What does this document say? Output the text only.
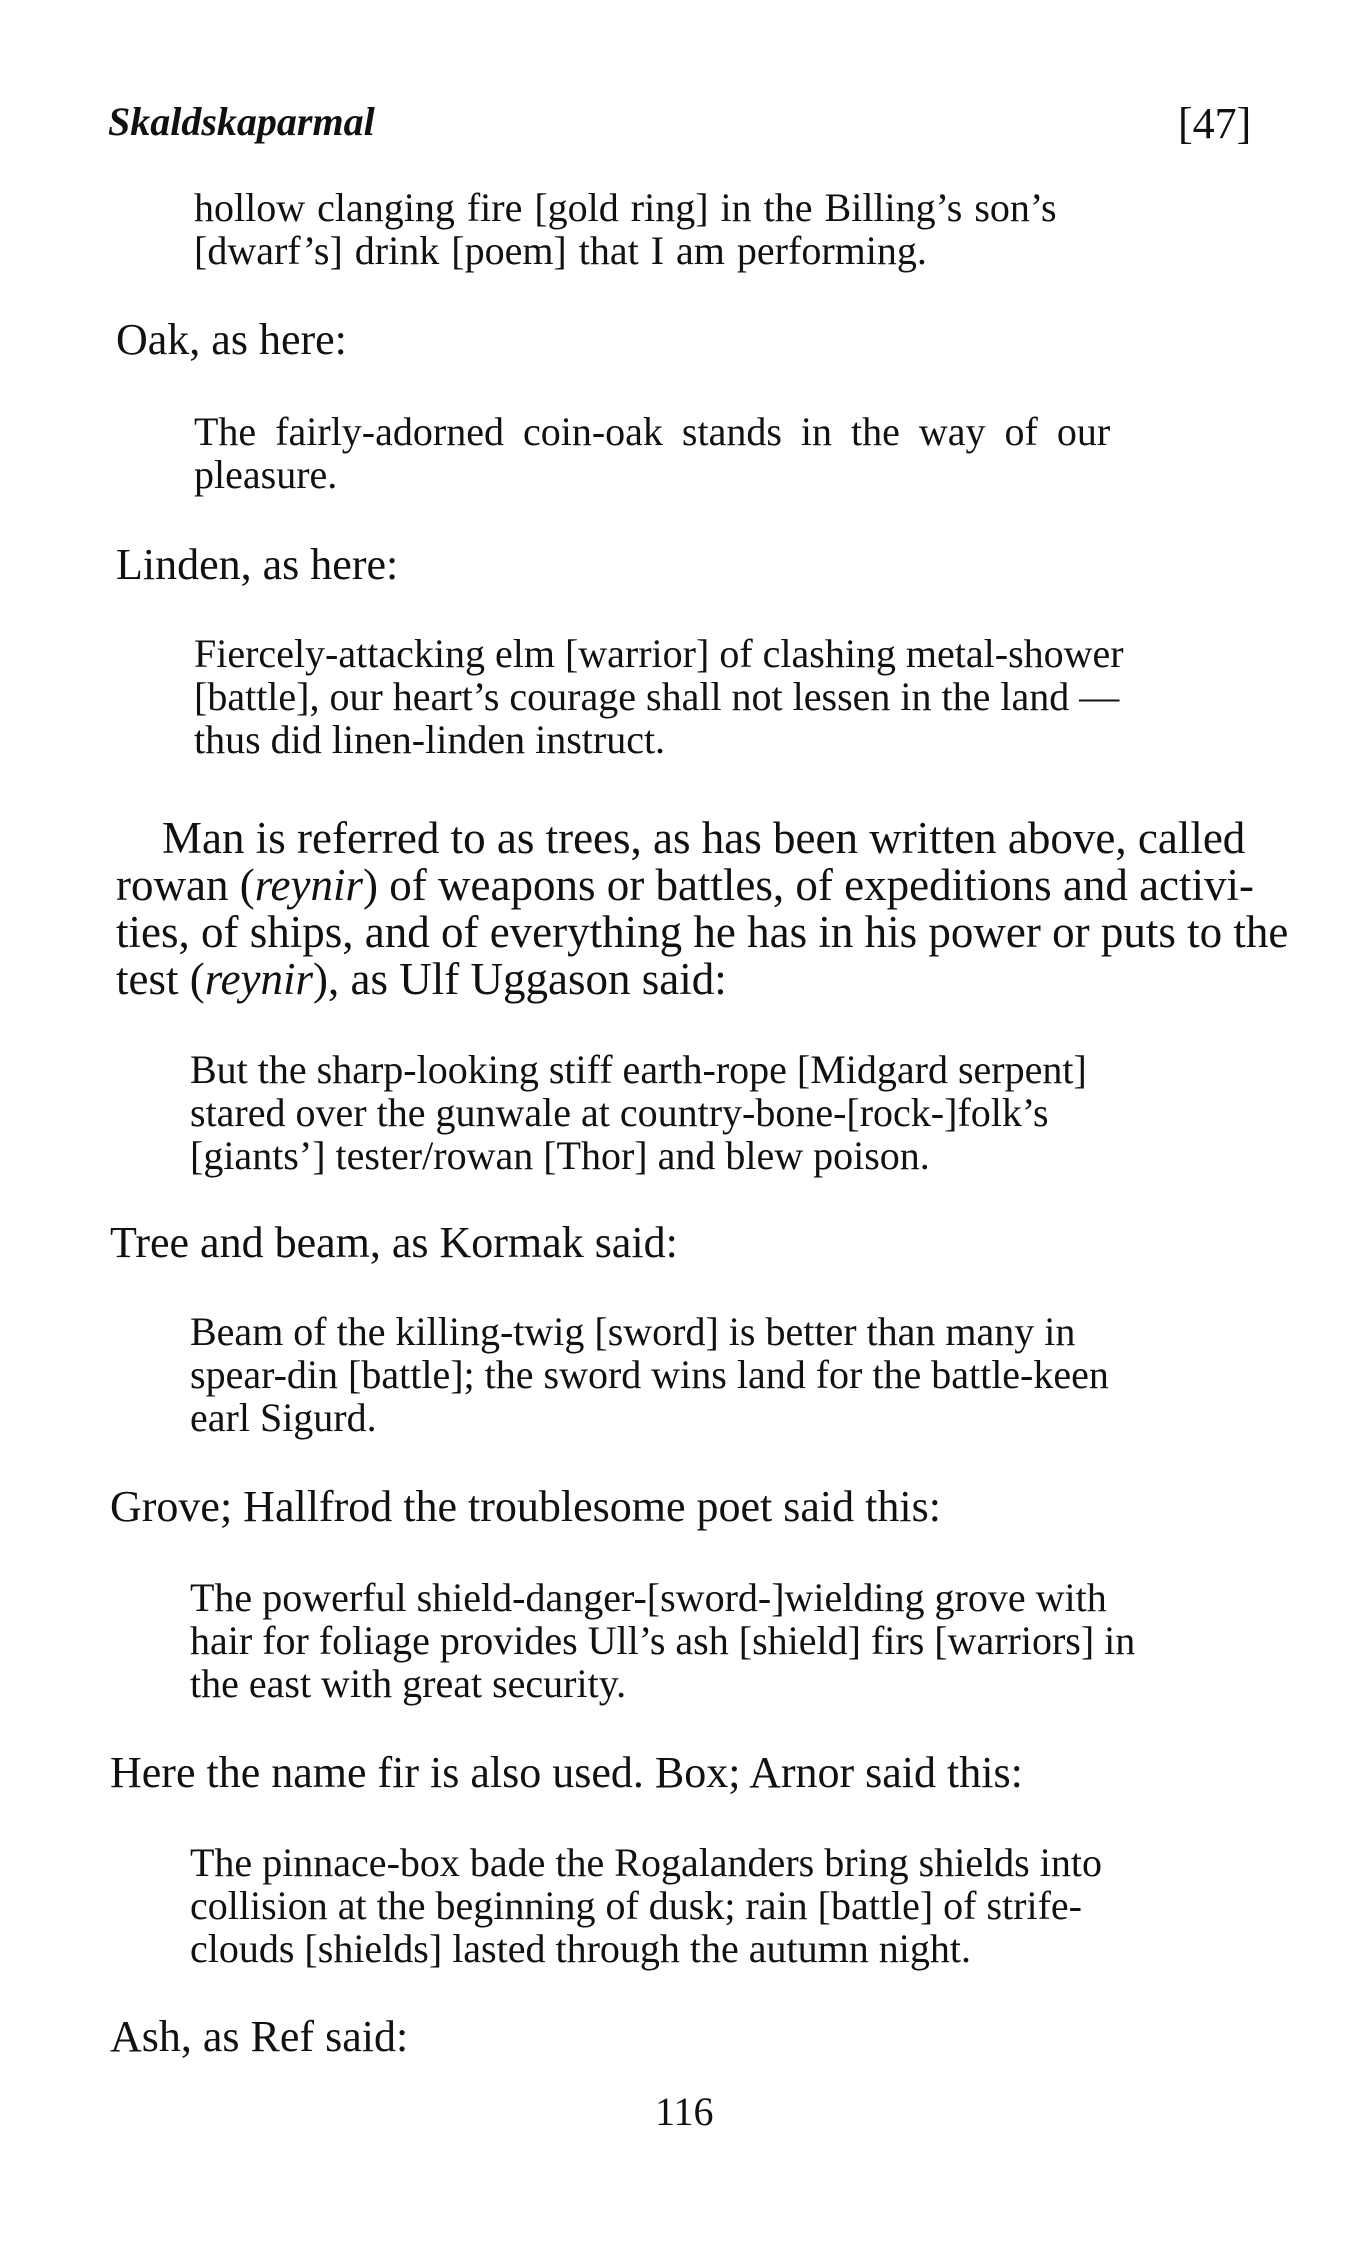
Skaldskaparmal	[47]
hollow clanging fire [gold ring] in the Billing’s son’s
[dwarf’s] drink [poem] that I am performing.
Oak, as here:
The fairly-adorned coin-oak stands in the way of our
pleasure.
Linden, as here:
Fiercely-attacking elm [warrior] of clashing metal-shower
[battle], our heart’s courage shall not lessen in the land —
thus did linen-linden instruct.
Man is referred to as trees, as has been written above, called
rowan (reynir) of weapons or battles, of expeditions and activi-
ties, of ships, and of everything he has in his power or puts to the
test (reynir), as Ulf Uggason said:
But the sharp-looking stiff earth-rope [Midgard serpent]
stared over the gunwale at country-bone-[rock-]folk’s
[giants’] tester/rowan [Thor] and blew poison.
Tree and beam, as Kormak said:
Beam of the killing-twig [sword] is better than many in
spear-din [battle]; the sword wins land for the battle-keen
earl Sigurd.
Grove; Hallfrod the troublesome poet said this:
The powerful shield-danger-[sword-]wielding grove with
hair for foliage provides Ull’s ash [shield] firs [warriors] in
the east with great security.
Here the name fir is also used. Box; Arnor said this:
The pinnace-box bade the Rogalanders bring shields into
collision at the beginning of dusk; rain [battle] of strife-
clouds [shields] lasted through the autumn night.
Ash, as Ref said:
116
